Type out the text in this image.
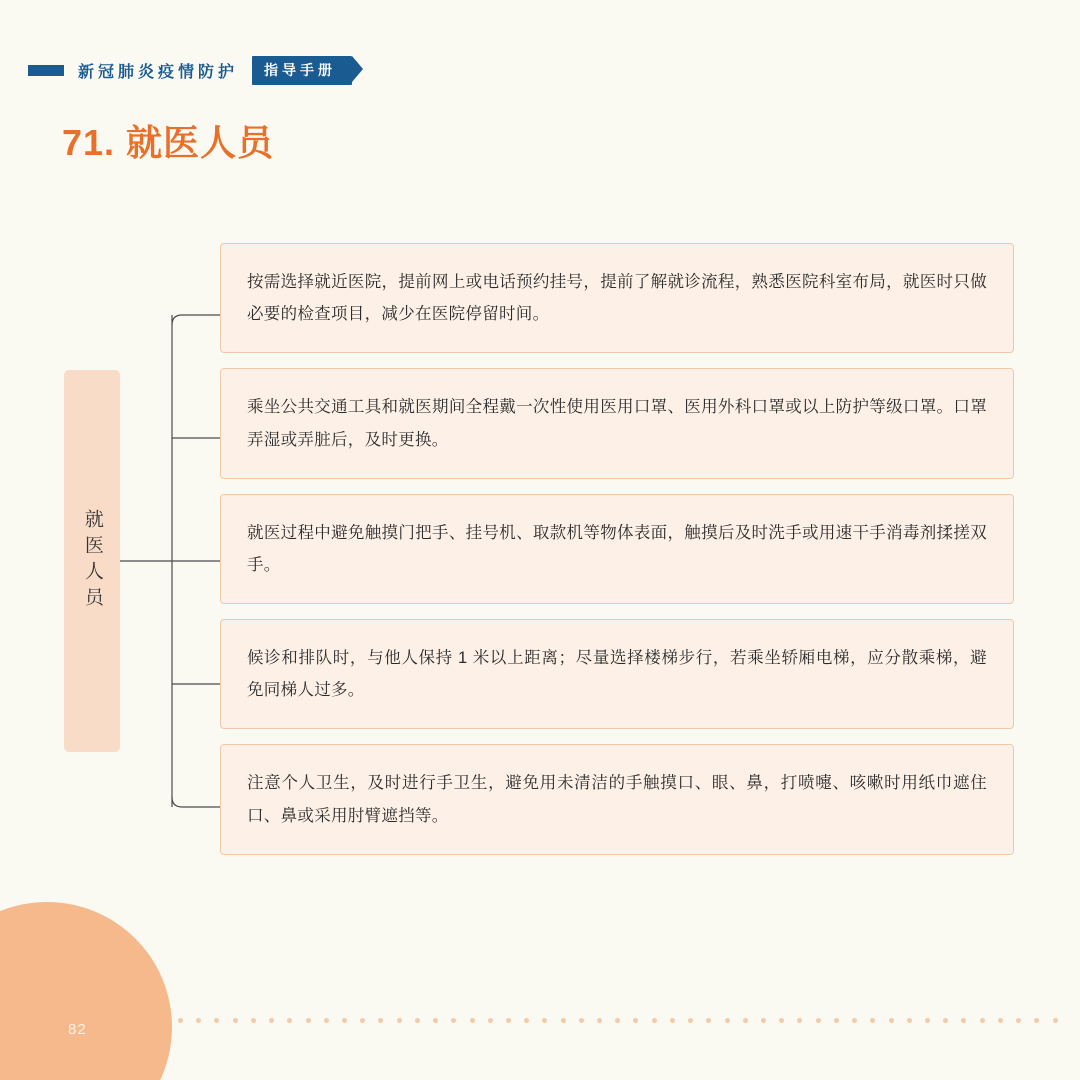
新冠肺炎疫情防护	指导手册
71. 就医人员
就医人员

按需选择就近医院，提前网上或电话预约挂号，提前了解就诊流程，熟悉医院科室布局，就医时只做必要的检查项目，减少在医院停留时间。

乘坐公共交通工具和就医期间全程戴一次性使用医用口罩、医用外科口罩或以上防护等级口罩。口罩弄湿或弄脏后，及时更换。

就医过程中避免触摸门把手、挂号机、取款机等物体表面，触摸后及时洗手或用速干手消毒剂揉搓双手。

候诊和排队时，与他人保持 1 米以上距离；尽量选择楼梯步行，若乘坐轿厢电梯，应分散乘梯，避免同梯人过多。

注意个人卫生，及时进行手卫生，避免用未清洁的手触摸口、眼、鼻，打喷嚏、咳嗽时用纸巾遮住口、鼻或采用肘臂遮挡等。

82
